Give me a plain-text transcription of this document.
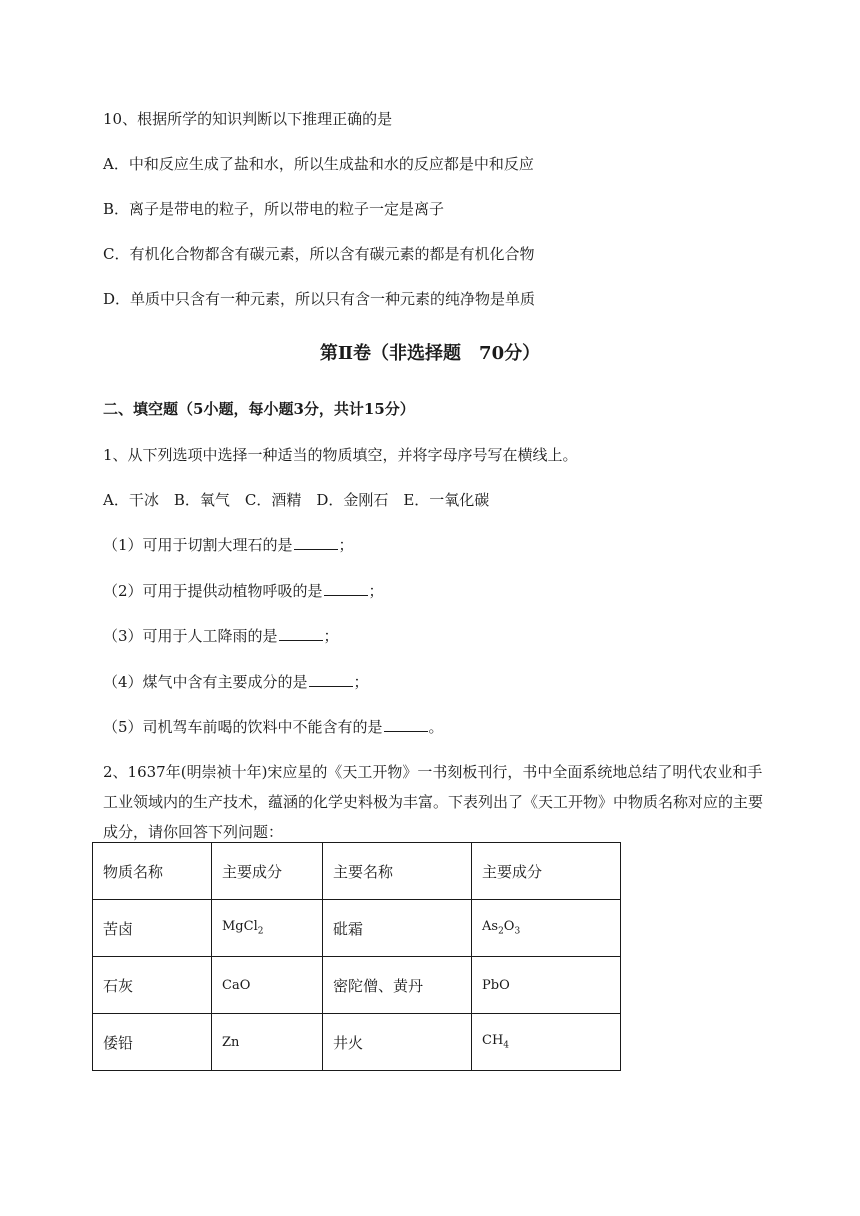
10、根据所学的知识判断以下推理正确的是
A．中和反应生成了盐和水，所以生成盐和水的反应都是中和反应
B．离子是带电的粒子，所以带电的粒子一定是离子
C．有机化合物都含有碳元素，所以含有碳元素的都是有机化合物
D．单质中只含有一种元素，所以只有含一种元素的纯净物是单质
第Ⅱ卷（非选择题　70分）
二、填空题（5小题，每小题3分，共计15分）
1、从下列选项中选择一种适当的物质填空，并将字母序号写在横线上。
A．干冰　B．氧气　C．酒精　D．金刚石　E．一氧化碳
（1）可用于切割大理石的是	；
（2）可用于提供动植物呼吸的是	；
（3）可用于人工降雨的是	；
（4）煤气中含有主要成分的是	；
（5）司机驾车前喝的饮料中不能含有的是	。
2、1637年(明崇祯十年)宋应星的《天工开物》一书刻板刊行，书中全面系统地总结了明代农业和手工业领域内的生产技术，蕴涵的化学史料极为丰富。下表列出了《天工开物》中物质名称对应的主要成分，请你回答下列问题：
物质名称	主要成分	主要名称	主要成分
苦卤	MgCl$_2$	砒霜	$As_2O_3$
石灰	CaO	密陀僧、黄丹	PbO
倭铅	Zn	井火	$CH_4$
